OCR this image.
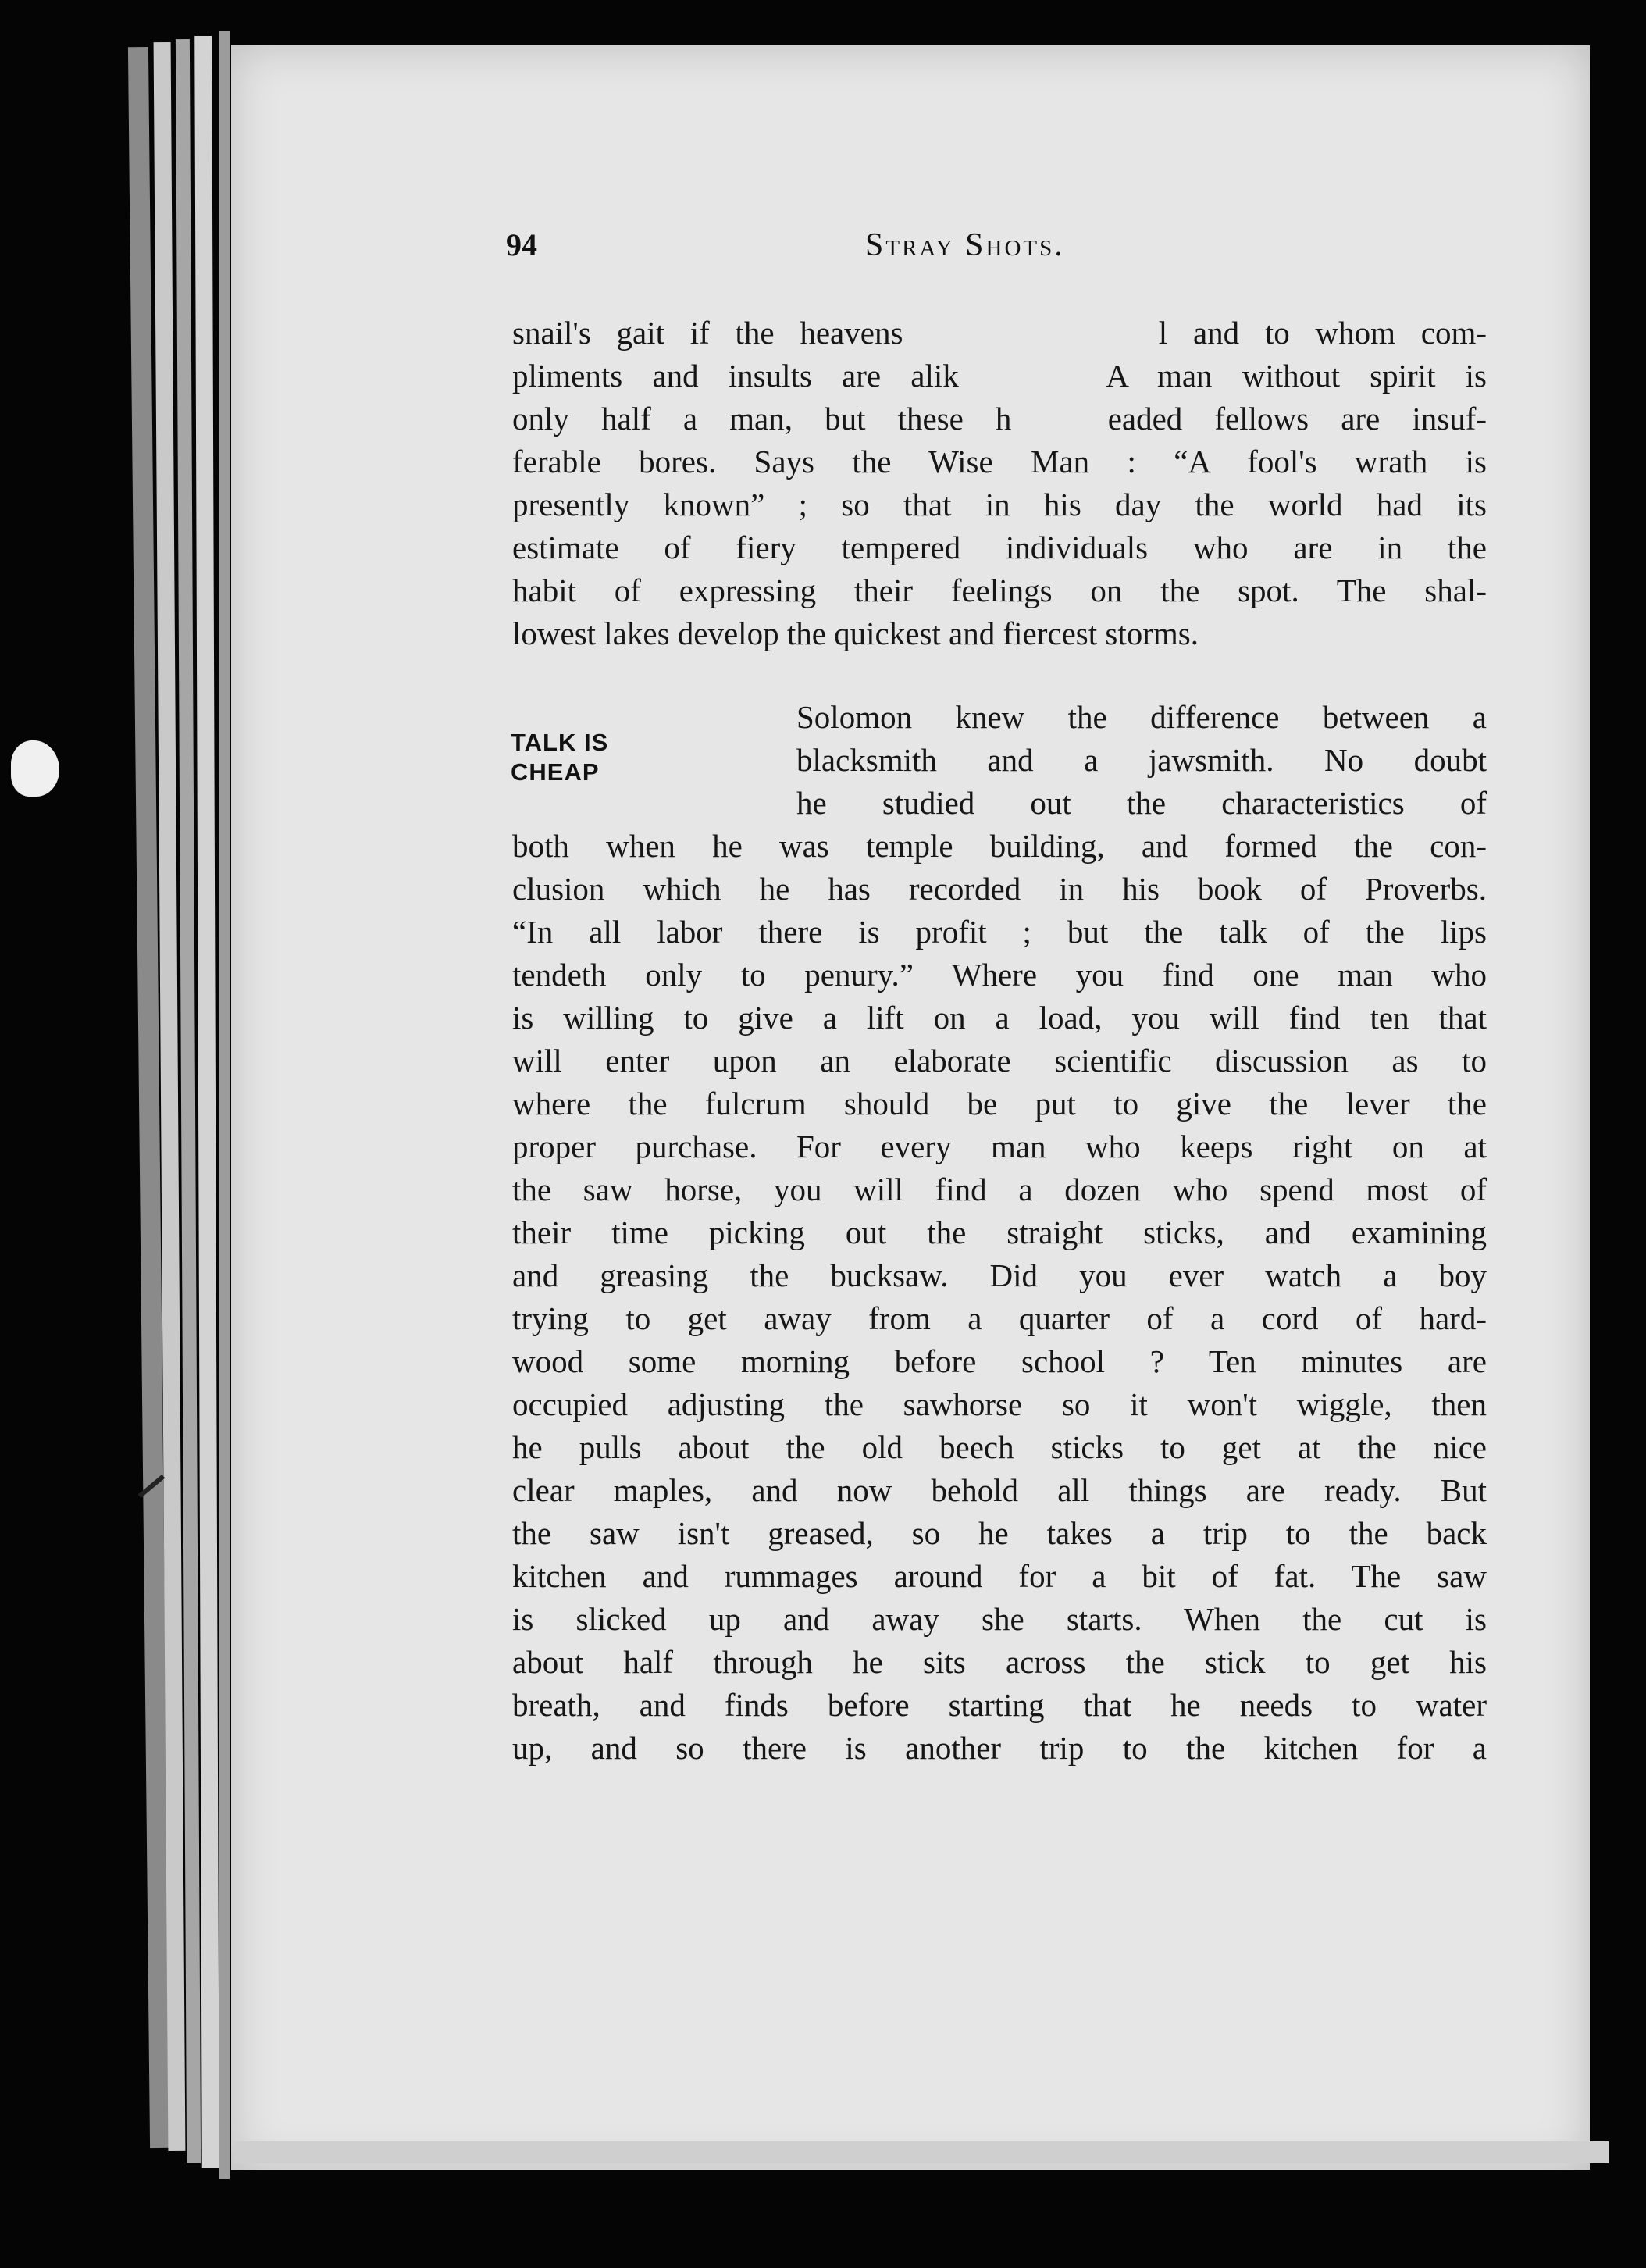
94	Stray Shots.
snail's gait if the heavens          l and to whom com-
pliments and insults are alik     A man without spirit is
only half a man, but these h   eaded fellows are insuf-
ferable bores. Says the Wise Man : “A fool's wrath is
presently known” ; so that in his day the world had its
estimate of fiery tempered individuals who are in the
habit of expressing their feelings on the spot. The shal-
lowest lakes develop the quickest and fiercest storms.
TALK IS
CHEAP
Solomon knew the difference between a
blacksmith and a jawsmith. No doubt
he studied out the characteristics of
both when he was temple building, and formed the con-
clusion which he has recorded in his book of Proverbs.
“In all labor there is profit ; but the talk of the lips
tendeth only to penury.” Where you find one man who
is willing to give a lift on a load, you will find ten that
will enter upon an elaborate scientific discussion as to
where the fulcrum should be put to give the lever the
proper purchase. For every man who keeps right on at
the saw horse, you will find a dozen who spend most of
their time picking out the straight sticks, and examining
and greasing the bucksaw. Did you ever watch a boy
trying to get away from a quarter of a cord of hard-
wood some morning before school ? Ten minutes are
occupied adjusting the sawhorse so it won't wiggle, then
he pulls about the old beech sticks to get at the nice
clear maples, and now behold all things are ready. But
the saw isn't greased, so he takes a trip to the back
kitchen and rummages around for a bit of fat. The saw
is slicked up and away she starts. When the cut is
about half through he sits across the stick to get his
breath, and finds before starting that he needs to water
up, and so there is another trip to the kitchen for a
